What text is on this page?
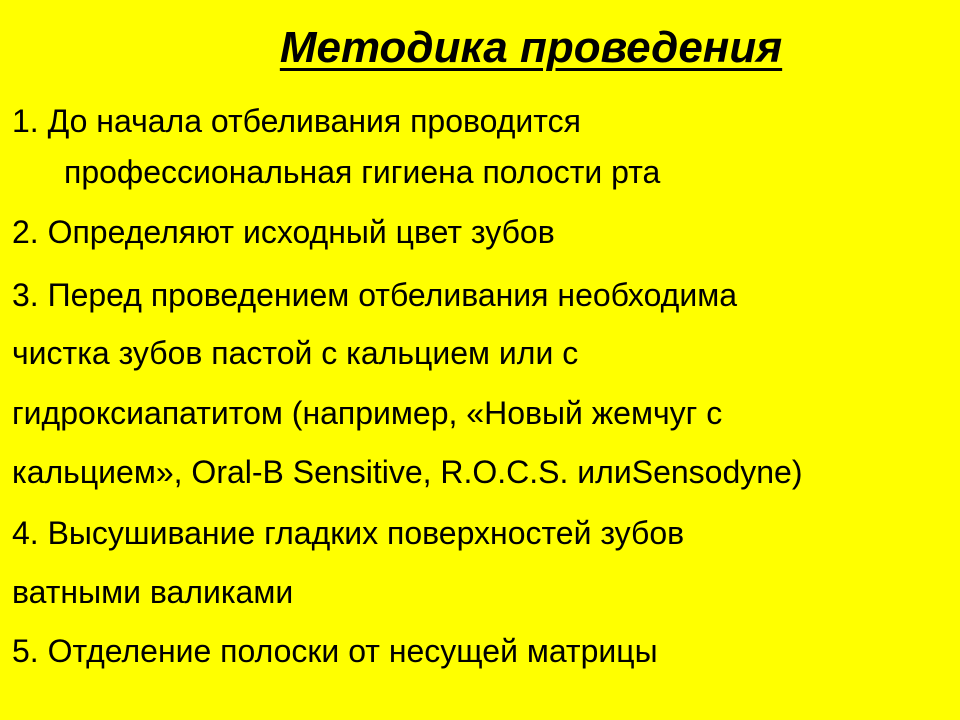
Методика проведения
1. До начала отбеливания проводится
профессиональная гигиена полости рта
2. Определяют исходный цвет зубов
3. Перед проведением отбеливания необходима
чистка зубов пастой с кальцием или с
гидроксиапатитом (например, «Новый жемчуг с
кальцием», Oral-B Sensitive, R.O.C.S. илиSensodyne)
4. Высушивание гладких поверхностей зубов
ватными валиками
5. Отделение полоски от несущей матрицы
